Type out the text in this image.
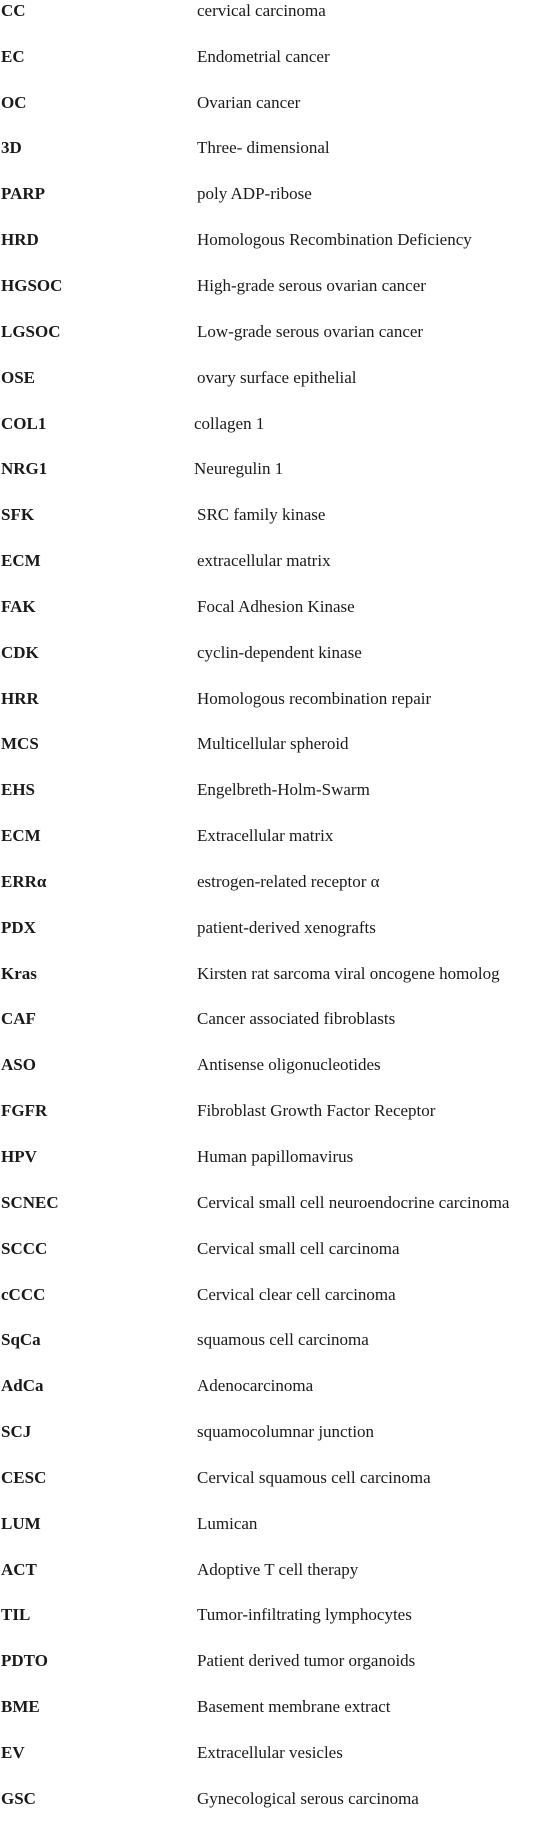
CC	cervical carcinoma
EC	Endometrial cancer
OC	Ovarian cancer
3D	Three- dimensional
PARP	poly ADP-ribose
HRD	Homologous Recombination Deficiency
HGSOC	High-grade serous ovarian cancer
LGSOC	Low-grade serous ovarian cancer
OSE	ovary surface epithelial
COL1	collagen 1
NRG1	Neuregulin 1
SFK	SRC family kinase
ECM	extracellular matrix
FAK	Focal Adhesion Kinase
CDK	cyclin-dependent kinase
HRR	Homologous recombination repair
MCS	Multicellular spheroid
EHS	Engelbreth-Holm-Swarm
ECM	Extracellular matrix
ERRα	estrogen-related receptor α
PDX	patient-derived xenografts
Kras	Kirsten rat sarcoma viral oncogene homolog
CAF	Cancer associated fibroblasts
ASO	Antisense oligonucleotides
FGFR	Fibroblast Growth Factor Receptor
HPV	Human papillomavirus
SCNEC	Cervical small cell neuroendocrine carcinoma
SCCC	Cervical small cell carcinoma
cCCC	Cervical clear cell carcinoma
SqCa	squamous cell carcinoma
AdCa	Adenocarcinoma
SCJ	squamocolumnar junction
CESC	Cervical squamous cell carcinoma
LUM	Lumican
ACT	Adoptive T cell therapy
TIL	Tumor-infiltrating lymphocytes
PDTO	Patient derived tumor organoids
BME	Basement membrane extract
EV	Extracellular vesicles
GSC	Gynecological serous carcinoma
